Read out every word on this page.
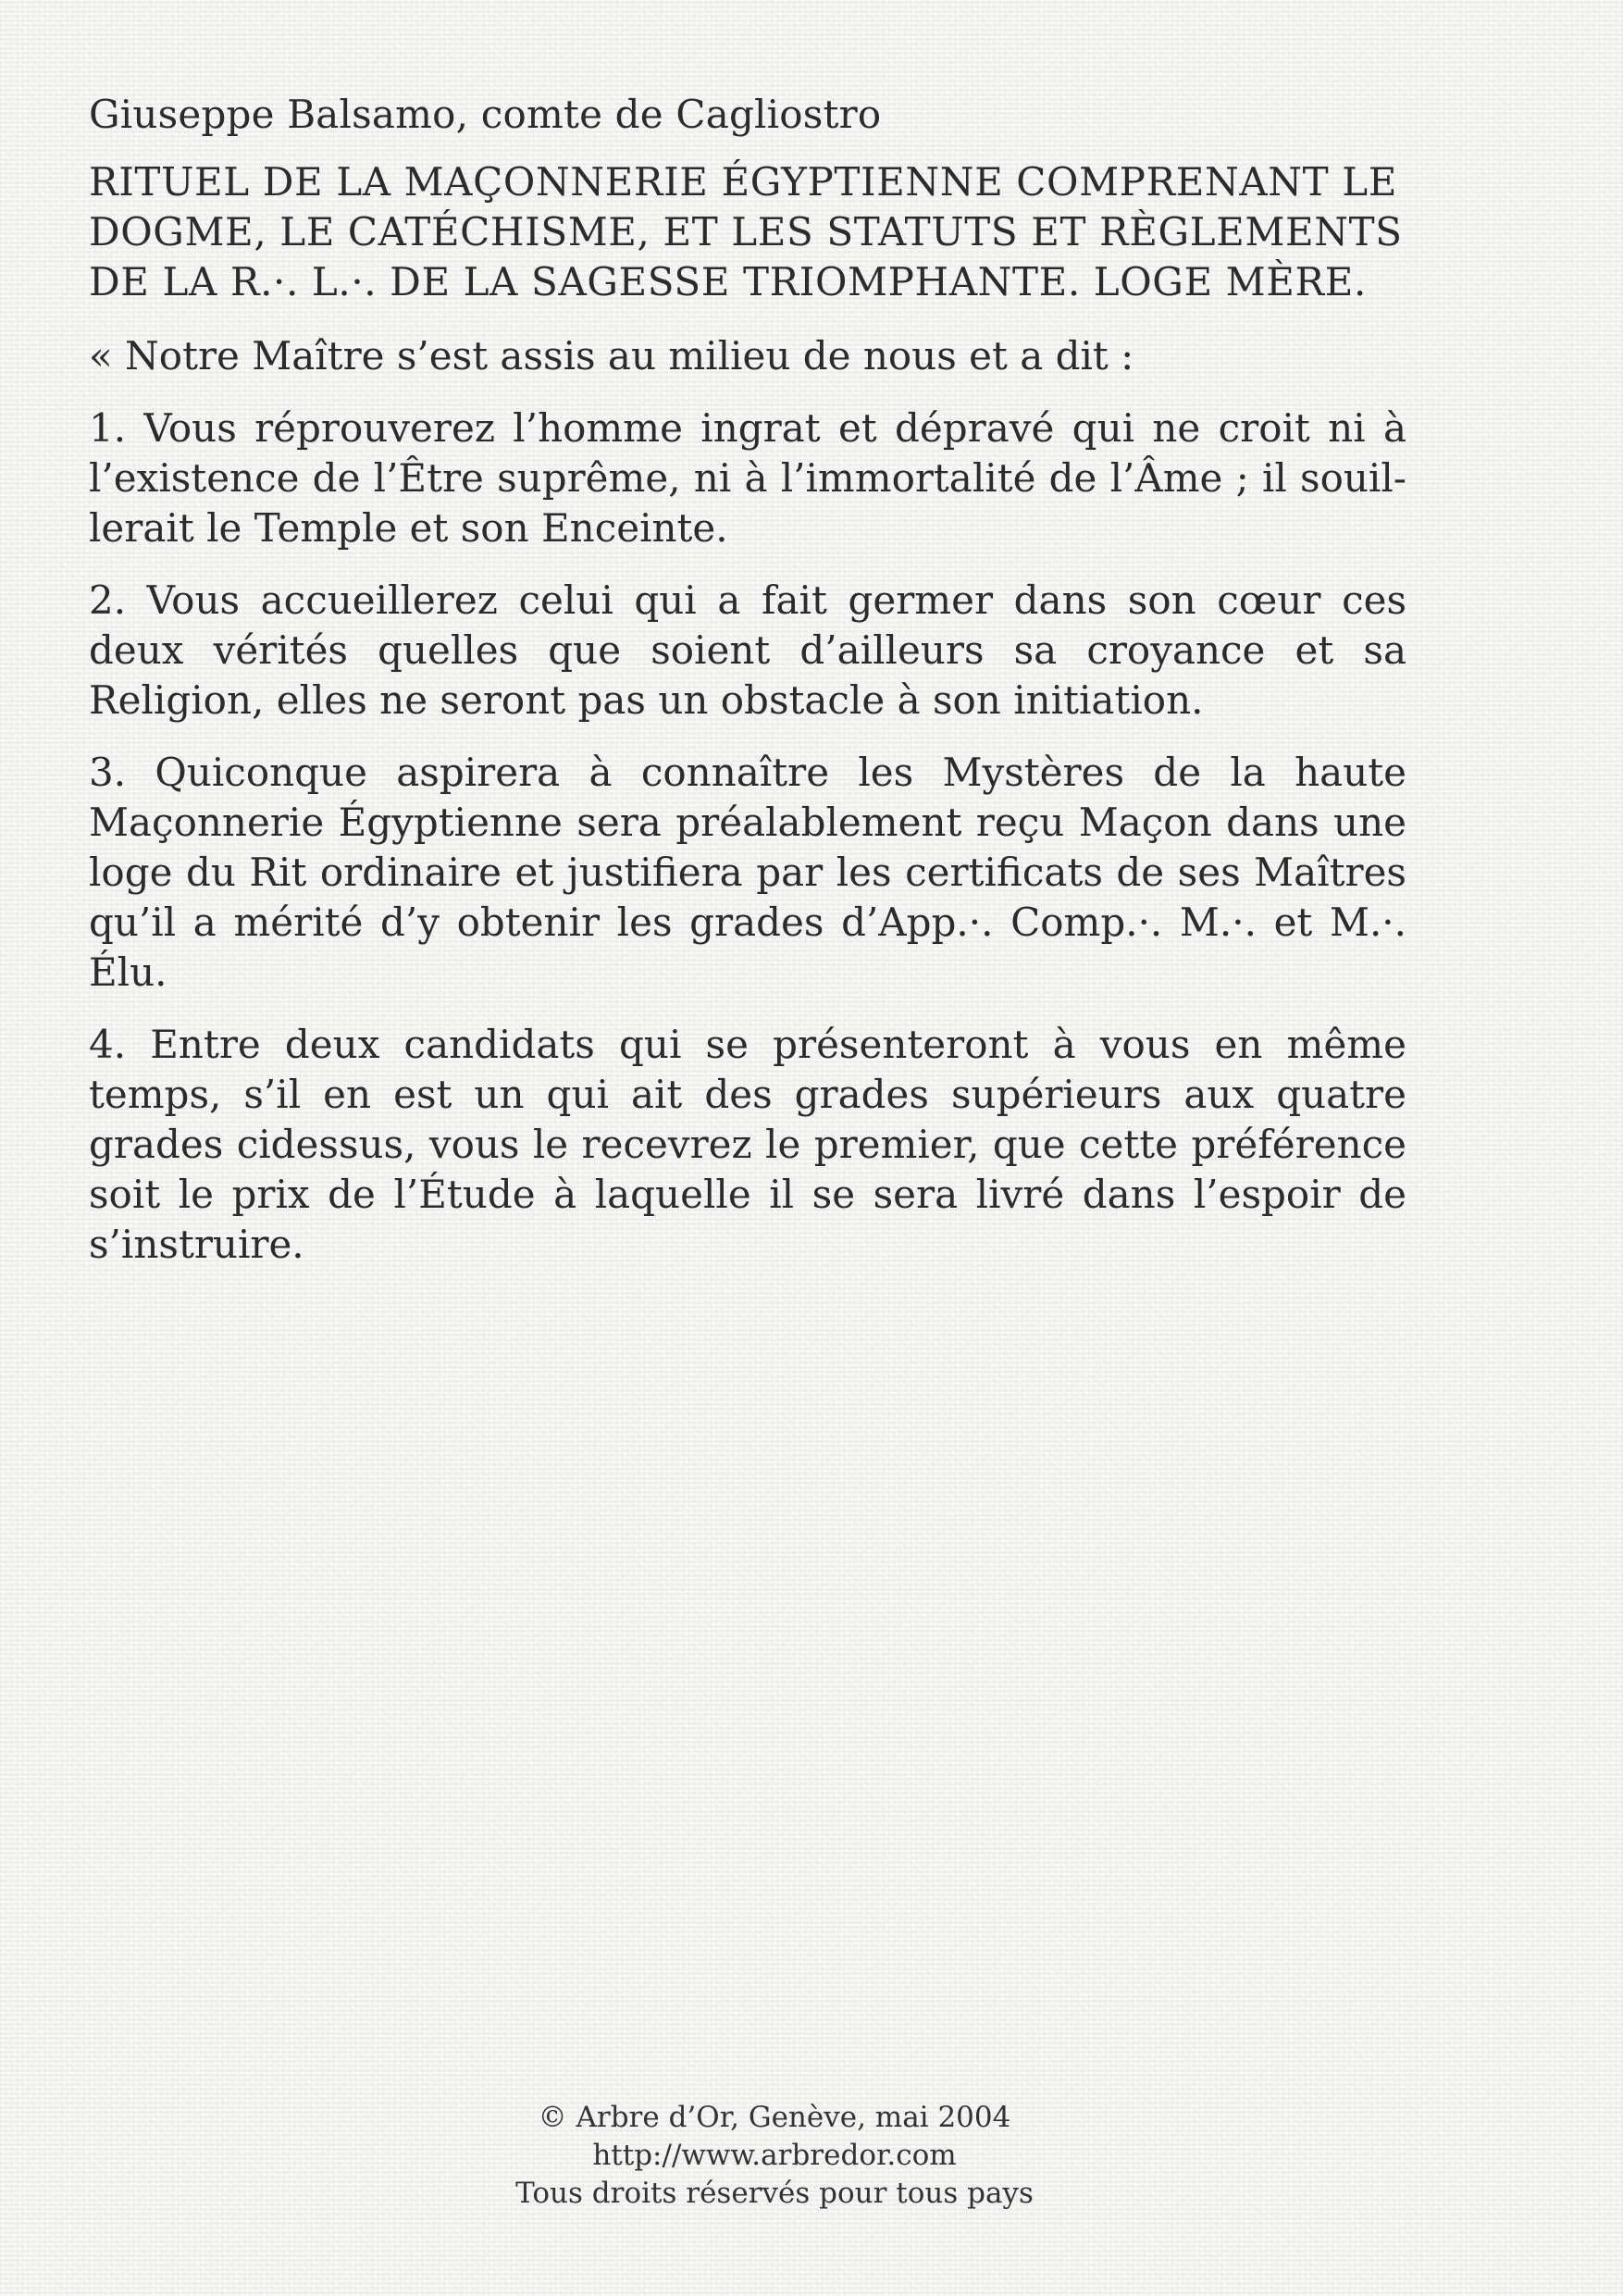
Giuseppe Balsamo, comte de Cagliostro
RITUEL DE LA MAÇONNERIE ÉGYPTIENNE COMPRENANT LE DOGME, LE CATÉCHISME, ET LES STATUTS ET RÈGLEMENTS DE LA R.·. L.·. DE LA SAGESSE TRIOMPHANTE. LOGE MÈRE.

« Notre Maître s’est assis au milieu de nous et a dit :

1. Vous réprouverez l’homme ingrat et dépravé qui ne croit ni à l’existence de l’Être suprême, ni à l’immortalité de l’Âme ; il souillerait le Temple et son Enceinte.

2. Vous accueillerez celui qui a fait germer dans son cœur ces deux vérités quelles que soient d’ailleurs sa croyance et sa Religion, elles ne seront pas un obstacle à son initiation.

3. Quiconque aspirera à connaître les Mystères de la haute Maçonnerie Égyptienne sera préalablement reçu Maçon dans une loge du Rit ordinaire et justifiera par les certificats de ses Maîtres qu’il a mérité d’y obtenir les grades d’App.·. Comp.·. M.·. et M.·. Élu.

4. Entre deux candidats qui se présenteront à vous en même temps, s’il en est un qui ait des grades supérieurs aux quatre grades cidessus, vous le recevrez le premier, que cette préférence soit le prix de l’Étude à laquelle il se sera livré dans l’espoir de s’instruire.

© Arbre d’Or, Genève, mai 2004
http://www.arbredor.com
Tous droits réservés pour tous pays
